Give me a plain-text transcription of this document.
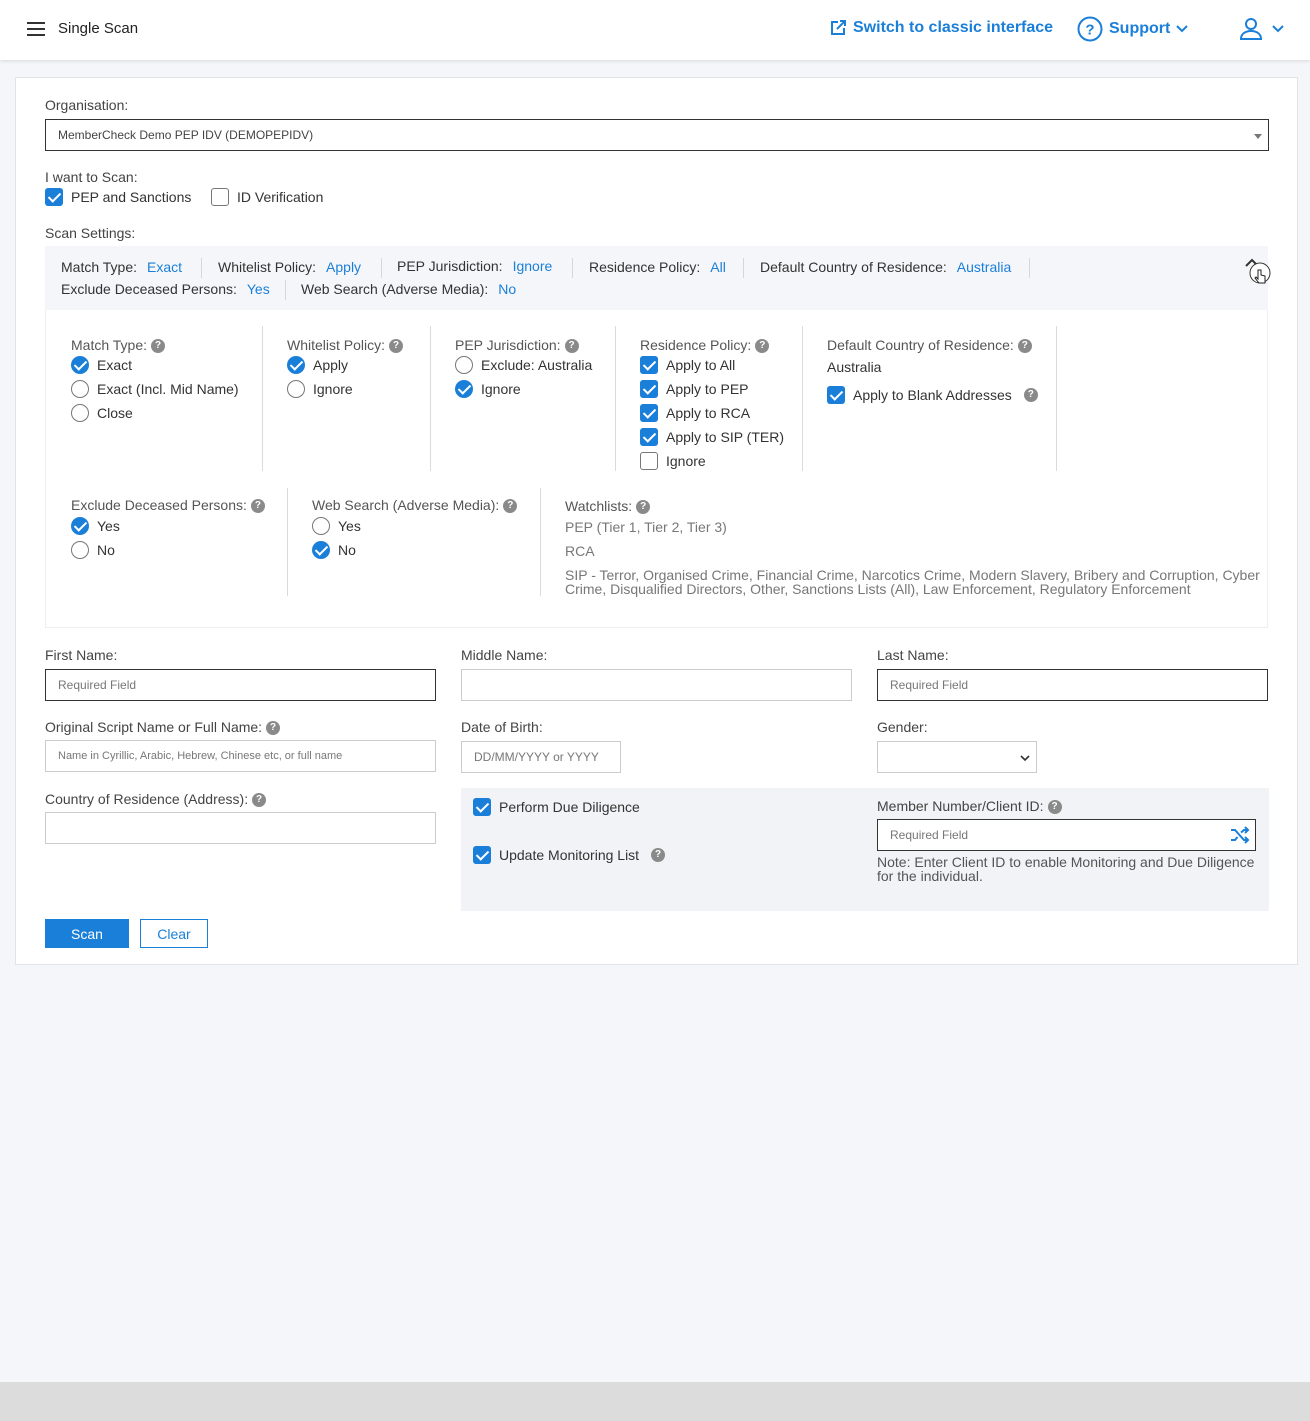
Single Scan	Switch to classic interface ? Support
Organisation:
MemberCheck Demo PEP IDV (DEMOPEPIDV)
I want to Scan:
PEP and Sanctions	ID Verification
Scan Settings:
Match Type: Exact	Whitelist Policy: Apply	PEP Jurisdiction: Ignore	Residence Policy: All Default Country of Residence: Australia
Exclude Deceased Persons: Yes Web Search (Adverse Media): No
Match Type: ?
Exact
Exact (Incl. Mid Name)
Close
Whitelist Policy: ?
Apply
Ignore
PEP Jurisdiction: ?
Exclude: Australia
Ignore
Residence Policy: ?
Apply to All
Apply to PEP
Apply to RCA
Apply to SIP (TER)
Ignore
Default Country of Residence: ?
Australia
Apply to Blank Addresses	?
Exclude Deceased Persons: ?
Yes
No
Web Search (Adverse Media): ?
Yes
No
Watchlists: ?
PEP (Tier 1, Tier 2, Tier 3)
RCA
SIP - Terror, Organised Crime, Financial Crime, Narcotics Crime, Modern Slavery, Bribery and Corruption, Cyber
Crime, Disqualified Directors, Other, Sanctions Lists (All), Law Enforcement, Regulatory Enforcement
First Name:
Required Field
Middle Name:	Last Name:
Required Field
Original Script Name or Full Name: ?
Name in Cyrillic, Arabic, Hebrew, Chinese etc, or full name
Date of Birth:
DD/MM/YYYY or YYYY
Gender:
Country of Residence (Address): ?	Perform Due Diligence
Update Monitoring List	?
Member Number/Client ID: ?
Required Field
Note: Enter Client ID to enable Monitoring and Due Diligence
for the individual.
Scan	Clear
